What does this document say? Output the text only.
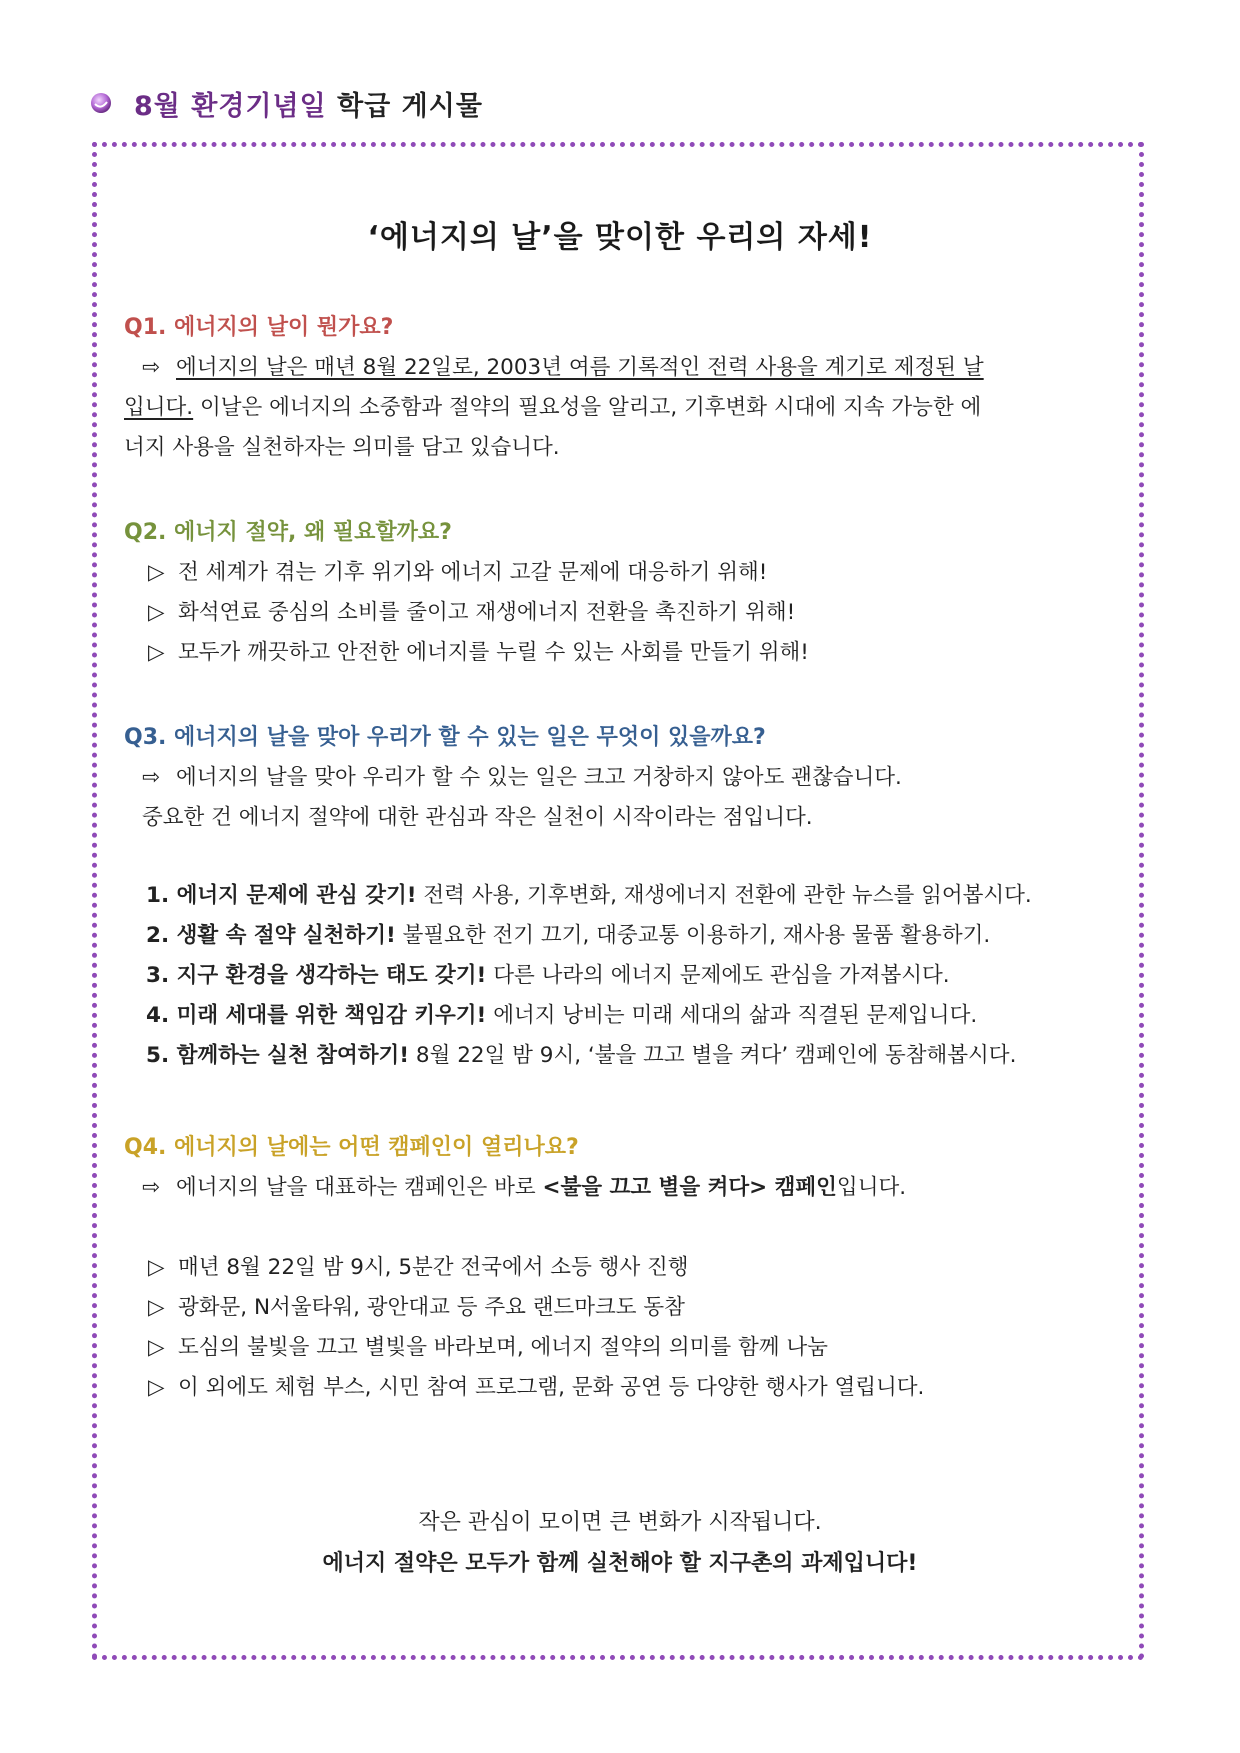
8월 환경기념일 학급 게시물
‘에너지의 날’을 맞이한 우리의 자세!
Q1. 에너지의 날이 뭔가요?
⇨ 에너지의 날은 매년 8월 22일로, 2003년 여름 기록적인 전력 사용을 계기로 제정된 날
입니다. 이날은 에너지의 소중함과 절약의 필요성을 알리고, 기후변화 시대에 지속 가능한 에
너지 사용을 실천하자는 의미를 담고 있습니다.
Q2. 에너지 절약, 왜 필요할까요?
▷ 전 세계가 겪는 기후 위기와 에너지 고갈 문제에 대응하기 위해!
▷ 화석연료 중심의 소비를 줄이고 재생에너지 전환을 촉진하기 위해!
▷ 모두가 깨끗하고 안전한 에너지를 누릴 수 있는 사회를 만들기 위해!
Q3. 에너지의 날을 맞아 우리가 할 수 있는 일은 무엇이 있을까요?
⇨ 에너지의 날을 맞아 우리가 할 수 있는 일은 크고 거창하지 않아도 괜찮습니다.
중요한 건 에너지 절약에 대한 관심과 작은 실천이 시작이라는 점입니다.
1. 에너지 문제에 관심 갖기! 전력 사용, 기후변화, 재생에너지 전환에 관한 뉴스를 읽어봅시다.
2. 생활 속 절약 실천하기! 불필요한 전기 끄기, 대중교통 이용하기, 재사용 물품 활용하기.
3. 지구 환경을 생각하는 태도 갖기! 다른 나라의 에너지 문제에도 관심을 가져봅시다.
4. 미래 세대를 위한 책임감 키우기! 에너지 낭비는 미래 세대의 삶과 직결된 문제입니다.
5. 함께하는 실천 참여하기! 8월 22일 밤 9시, ‘불을 끄고 별을 켜다’ 캠페인에 동참해봅시다.
Q4. 에너지의 날에는 어떤 캠페인이 열리나요?
⇨ 에너지의 날을 대표하는 캠페인은 바로 <불을 끄고 별을 켜다> 캠페인입니다.
▷ 매년 8월 22일 밤 9시, 5분간 전국에서 소등 행사 진행
▷ 광화문, N서울타워, 광안대교 등 주요 랜드마크도 동참
▷ 도심의 불빛을 끄고 별빛을 바라보며, 에너지 절약의 의미를 함께 나눔
▷ 이 외에도 체험 부스, 시민 참여 프로그램, 문화 공연 등 다양한 행사가 열립니다.
작은 관심이 모이면 큰 변화가 시작됩니다.
에너지 절약은 모두가 함께 실천해야 할 지구촌의 과제입니다!
